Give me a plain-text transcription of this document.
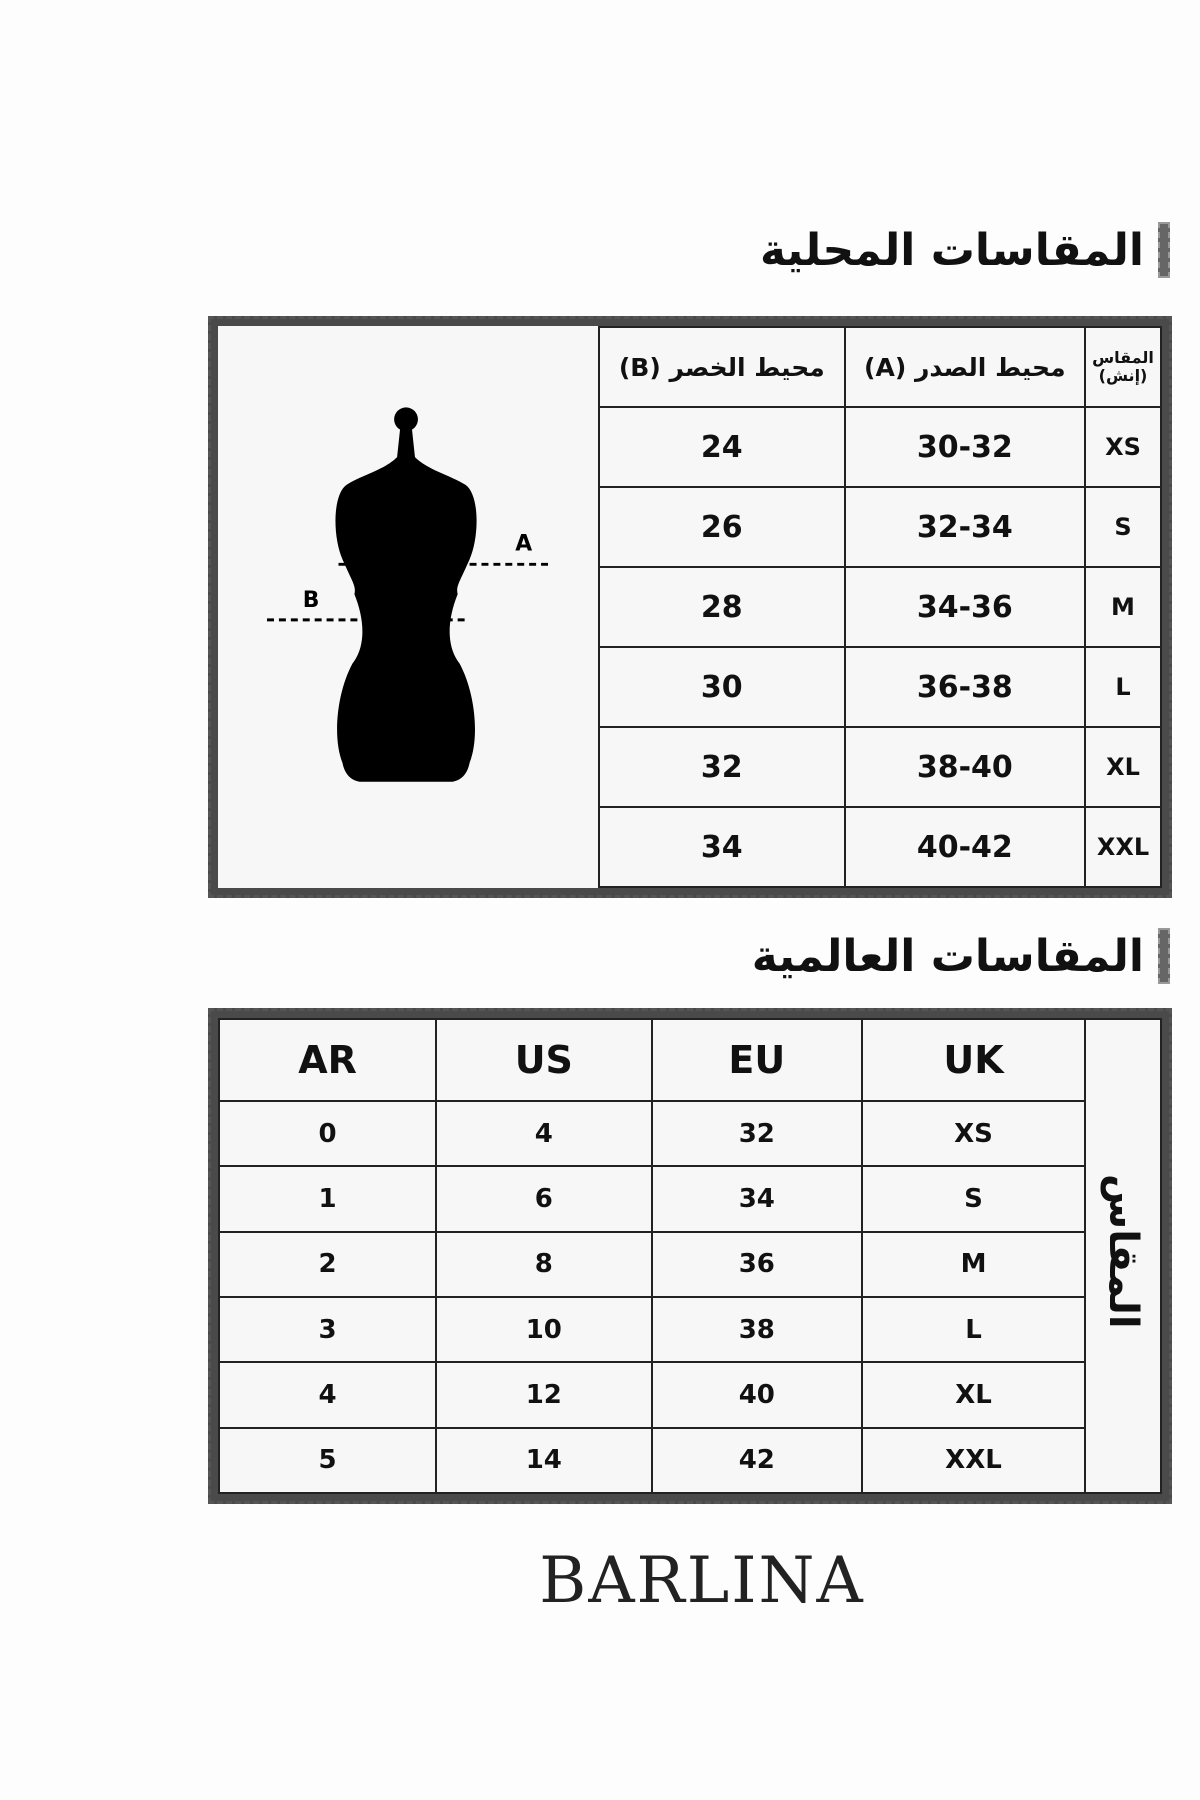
المقاسات المحلية
A
B
محيط الخصر (B)	محيط الصدر (A)	المقاس (إنش)
24	30-32	XS
26	32-34	S
28	34-36	M
30	36-38	L
32	38-40	XL
34	40-42	XXL
المقاسات العالمية
AR	US	EU	UK	المقاس
0	4	32	XS	
1	6	34	S	
2	8	36	M	
3	10	38	L	
4	12	40	XL	
5	14	42	XXL	
BARLINA
